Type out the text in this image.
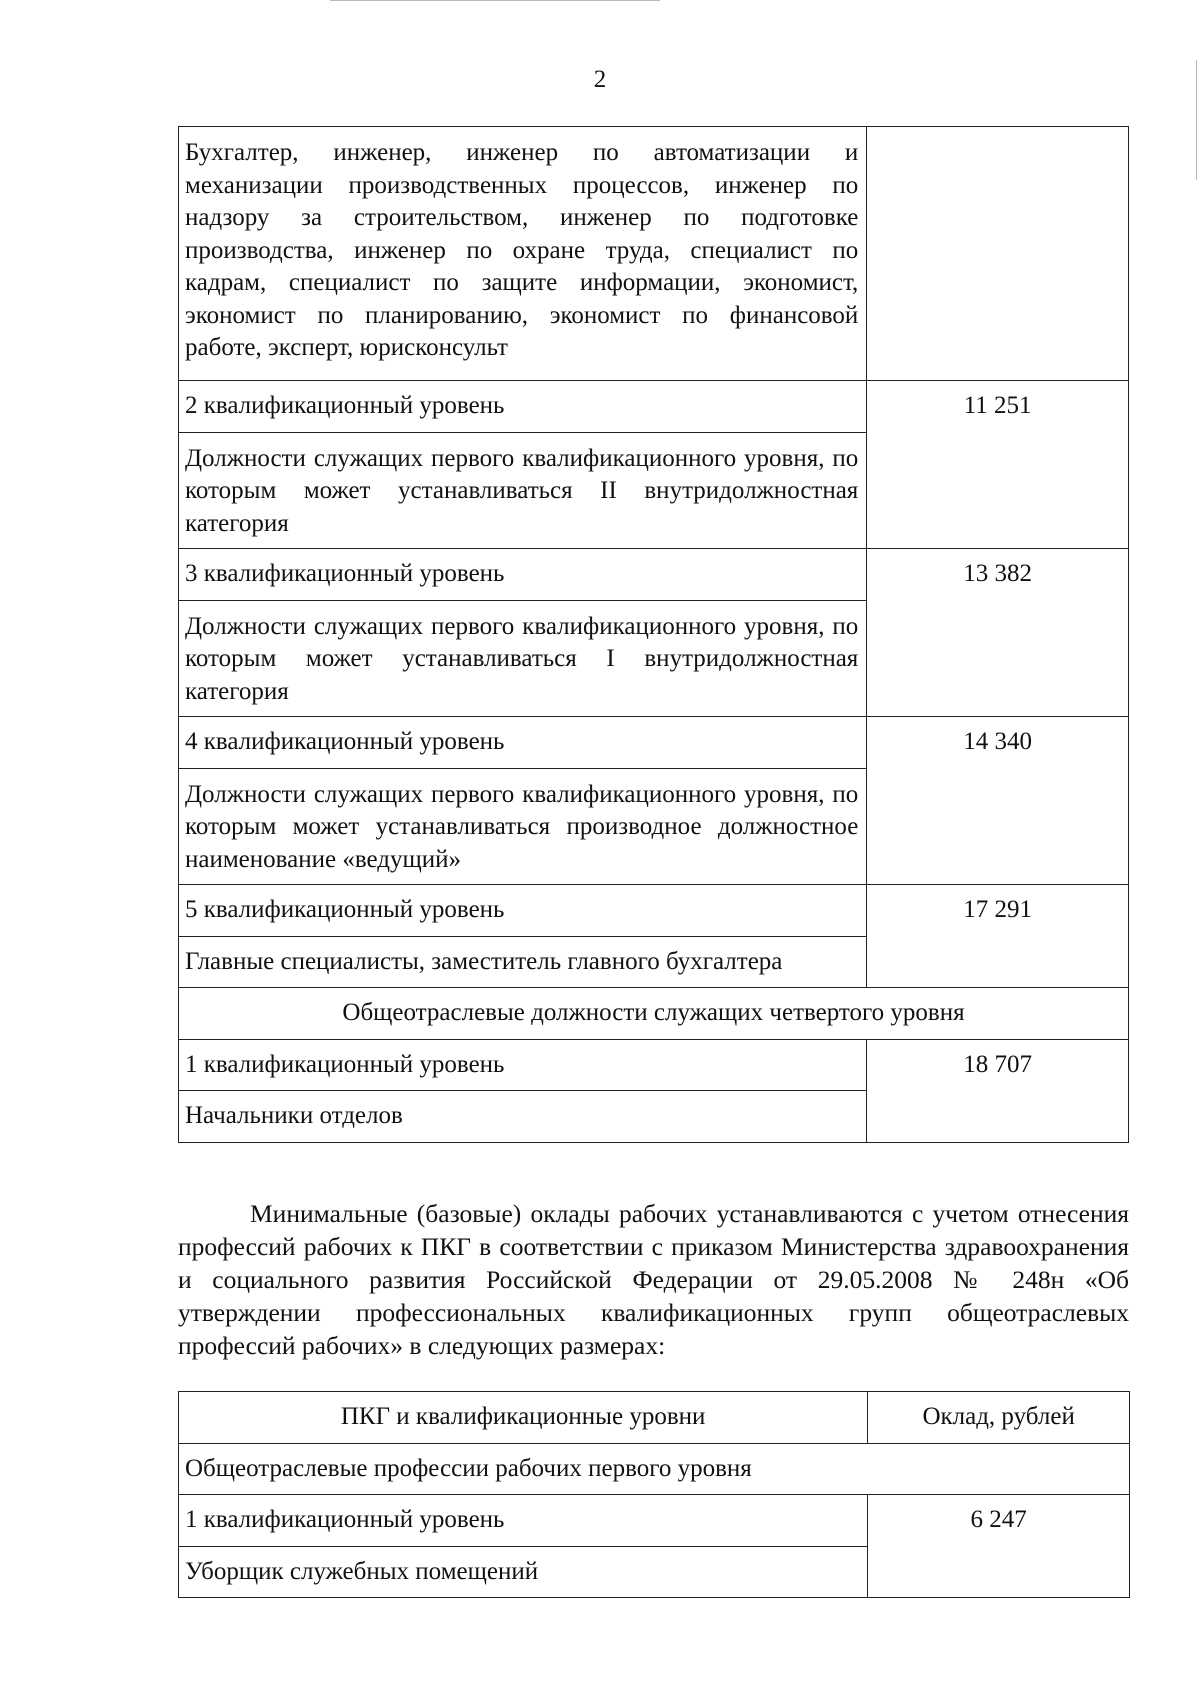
2
Бухгалтер, инженер, инженер по автоматизации и механизации производственных процессов, инженер по надзору за строительством, инженер по подготовке производства, инженер по охране труда, специалист по кадрам, специалист по защите информации, экономист, экономист по планированию, экономист по финансовой работе, эксперт, юрисконсульт	
2 квалификационный уровень	11 251
Должности служащих первого квалификационного уровня, по которым может устанавливаться II внутридолжностная категория	
3 квалификационный уровень	13 382
Должности служащих первого квалификационного уровня, по которым может устанавливаться I внутридолжностная категория	
4 квалификационный уровень	14 340
Должности служащих первого квалификационного уровня, по которым может устанавливаться производное должностное наименование «ведущий»	
5 квалификационный уровень	17 291
Главные специалисты, заместитель главного бухгалтера	
Общеотраслевые должности служащих четвертого уровня	
1 квалификационный уровень	18 707
Начальники отделов	

Минимальные (базовые) оклады рабочих устанавливаются с учетом отнесения профессий рабочих к ПКГ в соответствии с приказом Министерства здравоохранения и социального развития Российской Федерации от 29.05.2008 № 248н «Об утверждении профессиональных квалификационных групп общеотраслевых профессий рабочих» в следующих размерах:

ПКГ и квалификационные уровни	Оклад, рублей
Общеотраслевые профессии рабочих первого уровня	
1 квалификационный уровень	6 247
Уборщик служебных помещений	
